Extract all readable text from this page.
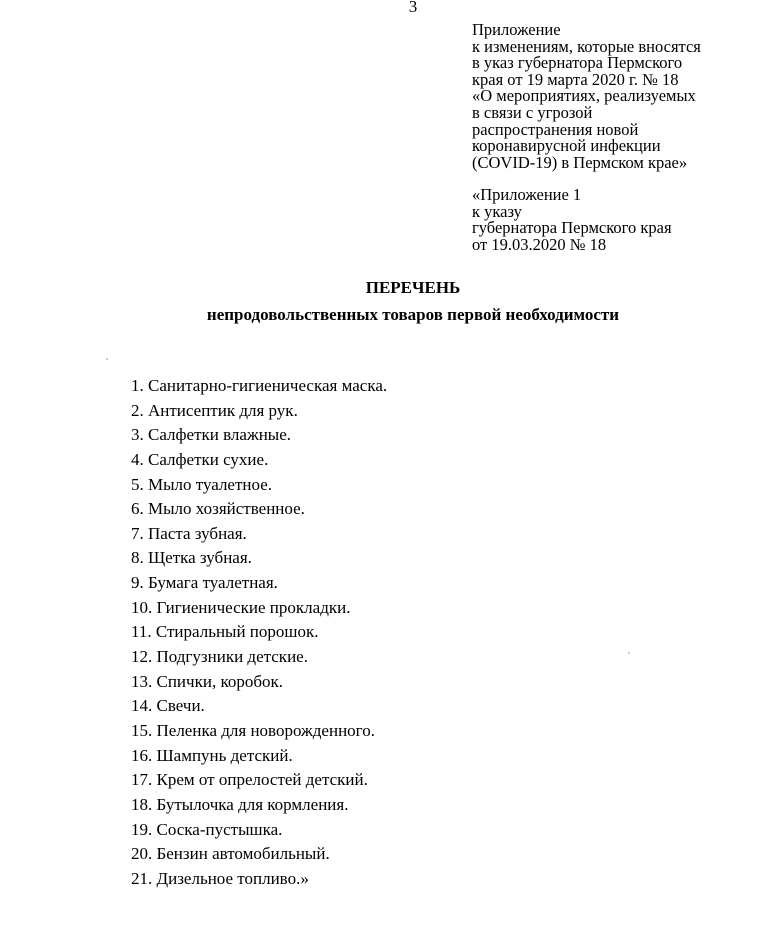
3
Приложение
к изменениям, которые вносятся
в указ губернатора Пермского
края от 19 марта 2020 г. № 18
«О мероприятиях, реализуемых
в связи с угрозой
распространения новой
коронавирусной инфекции
(COVID-19) в Пермском крае»
«Приложение 1
к указу
губернатора Пермского края
от 19.03.2020 № 18
ПЕРЕЧЕНЬ
непродовольственных товаров первой необходимости
1. Санитарно-гигиеническая маска.
2. Антисептик для рук.
3. Салфетки влажные.
4. Салфетки сухие.
5. Мыло туалетное.
6. Мыло хозяйственное.
7. Паста зубная.
8. Щетка зубная.
9. Бумага туалетная.
10. Гигиенические прокладки.
11. Стиральный порошок.
12. Подгузники детские.
13. Спички, коробок.
14. Свечи.
15. Пеленка для новорожденного.
16. Шампунь детский.
17. Крем от опрелостей детский.
18. Бутылочка для кормления.
19. Соска-пустышка.
20. Бензин автомобильный.
21. Дизельное топливо.»
